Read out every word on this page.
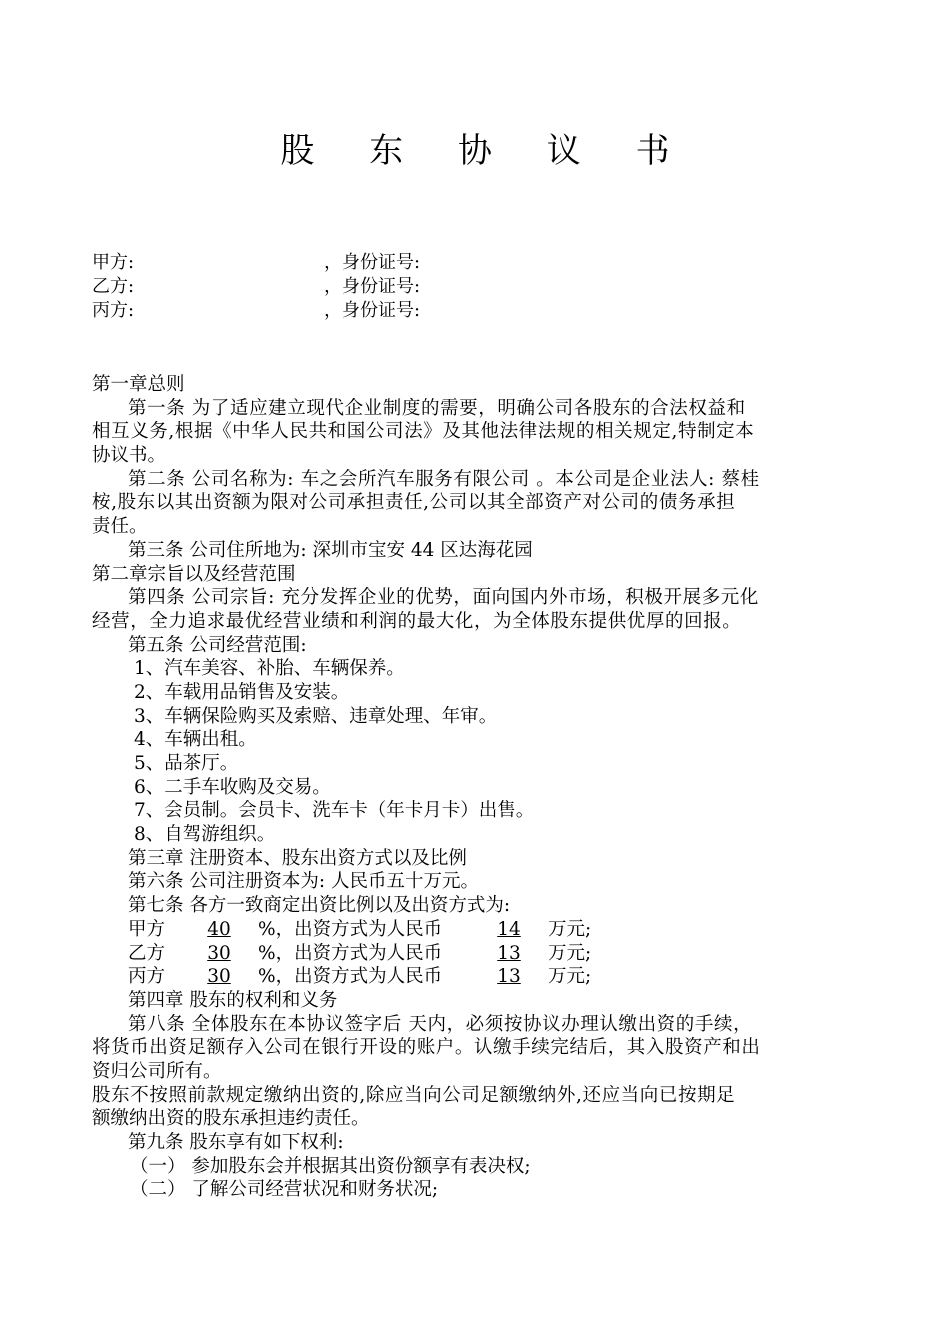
股 东 协 议 书
甲方:	，身份证号:
乙方:	，身份证号:
丙方:	，身份证号:
第一章总则
第一条 为了适应建立现代企业制度的需要，明确公司各股东的合法权益和
相互义务,根据《中华人民共和国公司法》及其他法律法规的相关规定,特制定本
协议书。
第二条 公司名称为: 车之会所汽车服务有限公司 。本公司是企业法人: 蔡桂
桉,股东以其出资额为限对公司承担责任,公司以其全部资产对公司的债务承担
责任。
第三条 公司住所地为: 深圳市宝安 44 区达海花园
第二章宗旨以及经营范围
第四条 公司宗旨: 充分发挥企业的优势，面向国内外市场，积极开展多元化
经营，全力追求最优经营业绩和利润的最大化，为全体股东提供优厚的回报。
第五条 公司经营范围:
1、汽车美容、补胎、车辆保养。
2、车载用品销售及安装。
3、车辆保险购买及索赔、违章处理、年审。
4、车辆出租。
5、品茶厅。
6、二手车收购及交易。
7、会员制。会员卡、洗车卡（年卡月卡）出售。
8、自驾游组织。
第三章 注册资本、股东出资方式以及比例
第六条 公司注册资本为: 人民币五十万元。
第七条 各方一致商定出资比例以及出资方式为:
甲方	40	%，出资方式为人民币	14	万元;
乙方	30	%，出资方式为人民币	13	万元;
丙方	30	%，出资方式为人民币	13	万元;
第四章 股东的权利和义务
第八条 全体股东在本协议签字后 天内，必须按协议办理认缴出资的手续，
将货币出资足额存入公司在银行开设的账户。认缴手续完结后，其入股资产和出
资归公司所有。
股东不按照前款规定缴纳出资的,除应当向公司足额缴纳外,还应当向已按期足
额缴纳出资的股东承担违约责任。
第九条 股东享有如下权利:
（一） 参加股东会并根据其出资份额享有表决权;
（二） 了解公司经营状况和财务状况;
